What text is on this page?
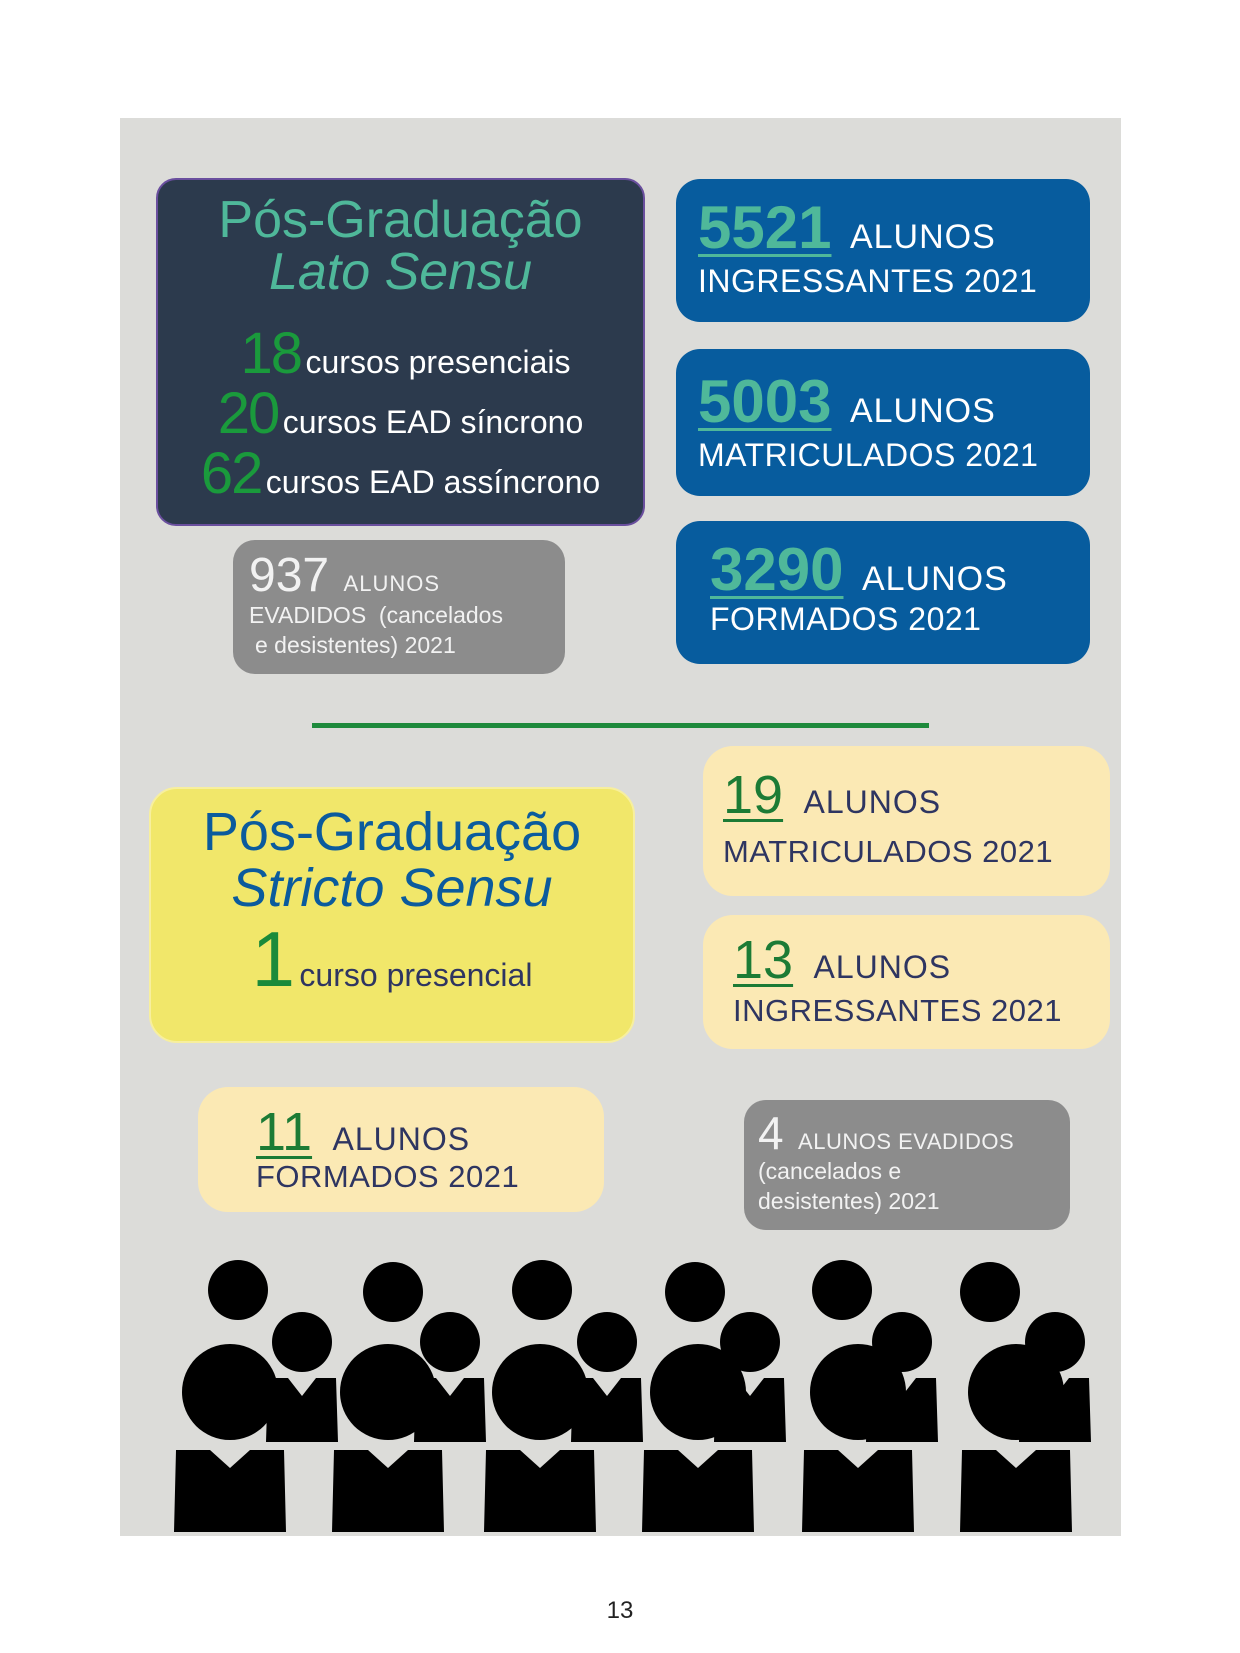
Pós-Graduação
Lato Sensu
18 cursos presenciais
20 cursos EAD síncrono
62 cursos EAD assíncrono
5521 ALUNOS
INGRESSANTES 2021
5003 ALUNOS
MATRICULADOS 2021
3290 ALUNOS
FORMADOS 2021
937 ALUNOS
EVADIDOS  (cancelados
e desistentes) 2021
Pós-Graduação
Stricto Sensu
1 curso presencial
19 ALUNOS
MATRICULADOS 2021
13 ALUNOS
INGRESSANTES 2021
11 ALUNOS
FORMADOS 2021
4 ALUNOS EVADIDOS
(cancelados e
desistentes) 2021
13
